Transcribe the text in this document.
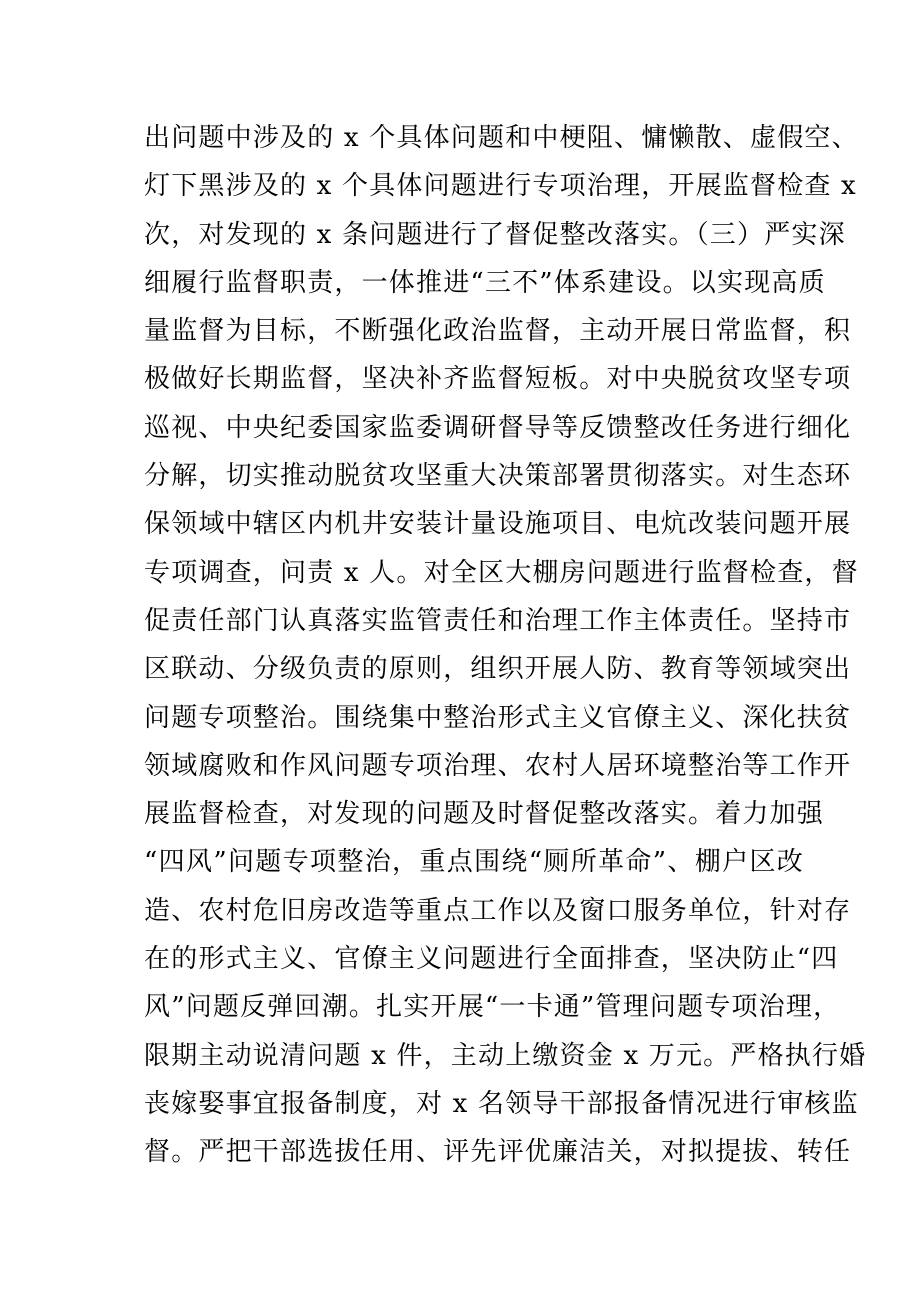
出问题中涉及的 x 个具体问题和中梗阻、慵懒散、虚假空、
灯下黑涉及的 x 个具体问题进行专项治理，开展监督检查 x
次，对发现的 x 条问题进行了督促整改落实。（三）严实深
细履行监督职责，一体推进“三不”体系建设。以实现高质
量监督为目标，不断强化政治监督，主动开展日常监督，积
极做好长期监督，坚决补齐监督短板。对中央脱贫攻坚专项
巡视、中央纪委国家监委调研督导等反馈整改任务进行细化
分解，切实推动脱贫攻坚重大决策部署贯彻落实。对生态环
保领域中辖区内机井安装计量设施项目、电炕改装问题开展
专项调查，问责 x 人。对全区大棚房问题进行监督检查，督
促责任部门认真落实监管责任和治理工作主体责任。坚持市
区联动、分级负责的原则，组织开展人防、教育等领域突出
问题专项整治。围绕集中整治形式主义官僚主义、深化扶贫
领域腐败和作风问题专项治理、农村人居环境整治等工作开
展监督检查，对发现的问题及时督促整改落实。着力加强
“四风”问题专项整治，重点围绕“厕所革命”、棚户区改
造、农村危旧房改造等重点工作以及窗口服务单位，针对存
在的形式主义、官僚主义问题进行全面排查，坚决防止“四
风”问题反弹回潮。扎实开展“一卡通”管理问题专项治理，
限期主动说清问题 x 件，主动上缴资金 x 万元。严格执行婚
丧嫁娶事宜报备制度，对 x 名领导干部报备情况进行审核监
督。严把干部选拔任用、评先评优廉洁关，对拟提拔、转任
